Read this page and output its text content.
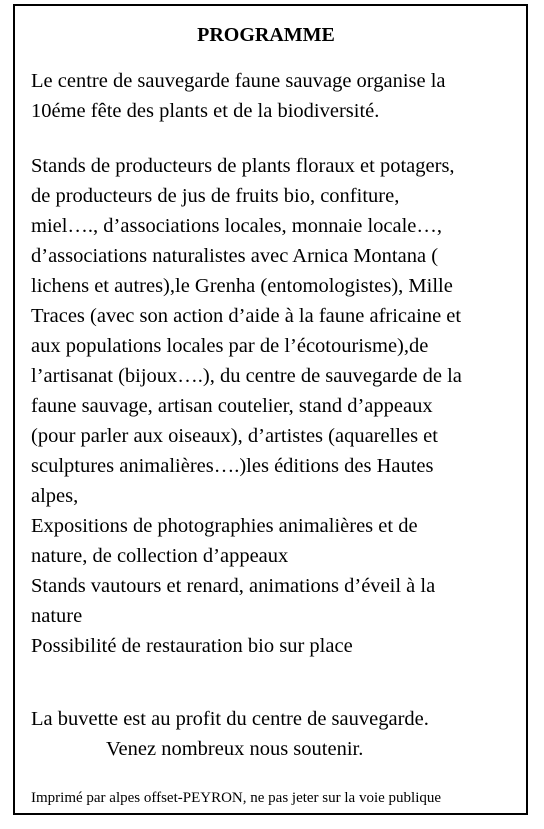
PROGRAMME

Le centre de sauvegarde faune sauvage organise la
10éme fête des plants et de la biodiversité.

Stands de producteurs de plants floraux et potagers,
de producteurs de jus de fruits bio, confiture,
miel…., d’associations locales, monnaie locale…,
d’associations naturalistes avec Arnica Montana (
lichens et autres),le Grenha (entomologistes), Mille
Traces (avec son action d’aide à la faune africaine et
aux populations locales par de l’écotourisme),de
l’artisanat (bijoux….), du centre de sauvegarde de la
faune sauvage, artisan coutelier, stand d’appeaux
(pour parler aux oiseaux), d’artistes (aquarelles et
sculptures animalières….)les éditions des Hautes
alpes,
Expositions de photographies animalières et de
nature, de collection d’appeaux
Stands vautours et renard, animations d’éveil à la
nature
Possibilité de restauration bio sur place

La buvette est au profit du centre de sauvegarde.

Venez nombreux nous soutenir.

Imprimé par alpes offset-PEYRON, ne pas jeter sur la voie publique
